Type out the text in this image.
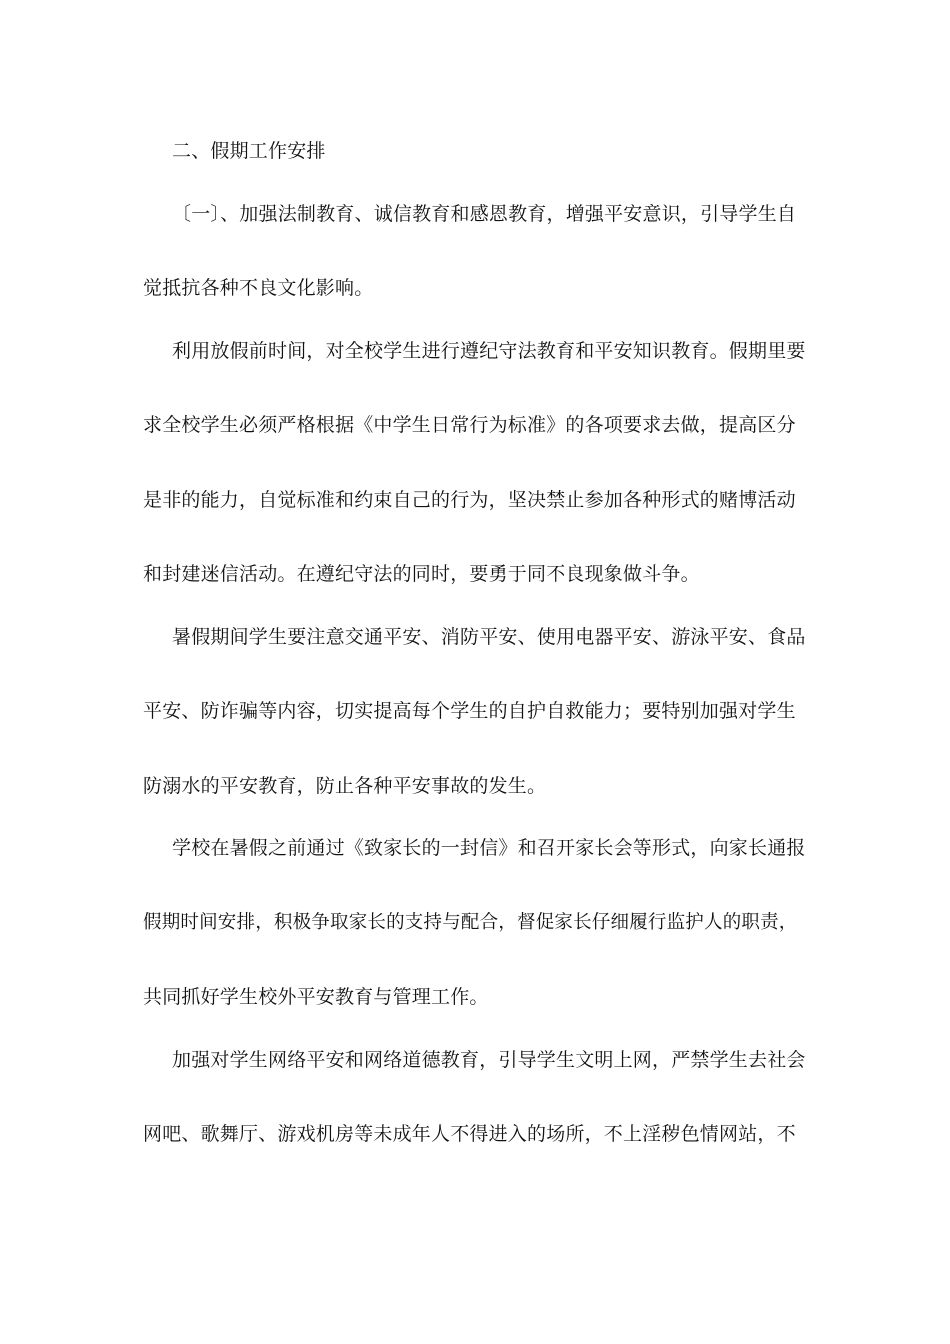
二、假期工作安排
〔一〕、加强法制教育、诚信教育和感恩教育，增强平安意识，引导学生自
觉抵抗各种不良文化影响。
利用放假前时间，对全校学生进行遵纪守法教育和平安知识教育。假期里要
求全校学生必须严格根据《中学生日常行为标准》的各项要求去做，提高区分
是非的能力，自觉标准和约束自己的行为，坚决禁止参加各种形式的赌博活动
和封建迷信活动。在遵纪守法的同时，要勇于同不良现象做斗争。
暑假期间学生要注意交通平安、消防平安、使用电器平安、游泳平安、食品
平安、防诈骗等内容，切实提高每个学生的自护自救能力；要特别加强对学生
防溺水的平安教育，防止各种平安事故的发生。
学校在暑假之前通过《致家长的一封信》和召开家长会等形式，向家长通报
假期时间安排，积极争取家长的支持与配合，督促家长仔细履行监护人的职责，
共同抓好学生校外平安教育与管理工作。
加强对学生网络平安和网络道德教育，引导学生文明上网，严禁学生去社会
网吧、歌舞厅、游戏机房等未成年人不得进入的场所，不上淫秽色情网站，不
